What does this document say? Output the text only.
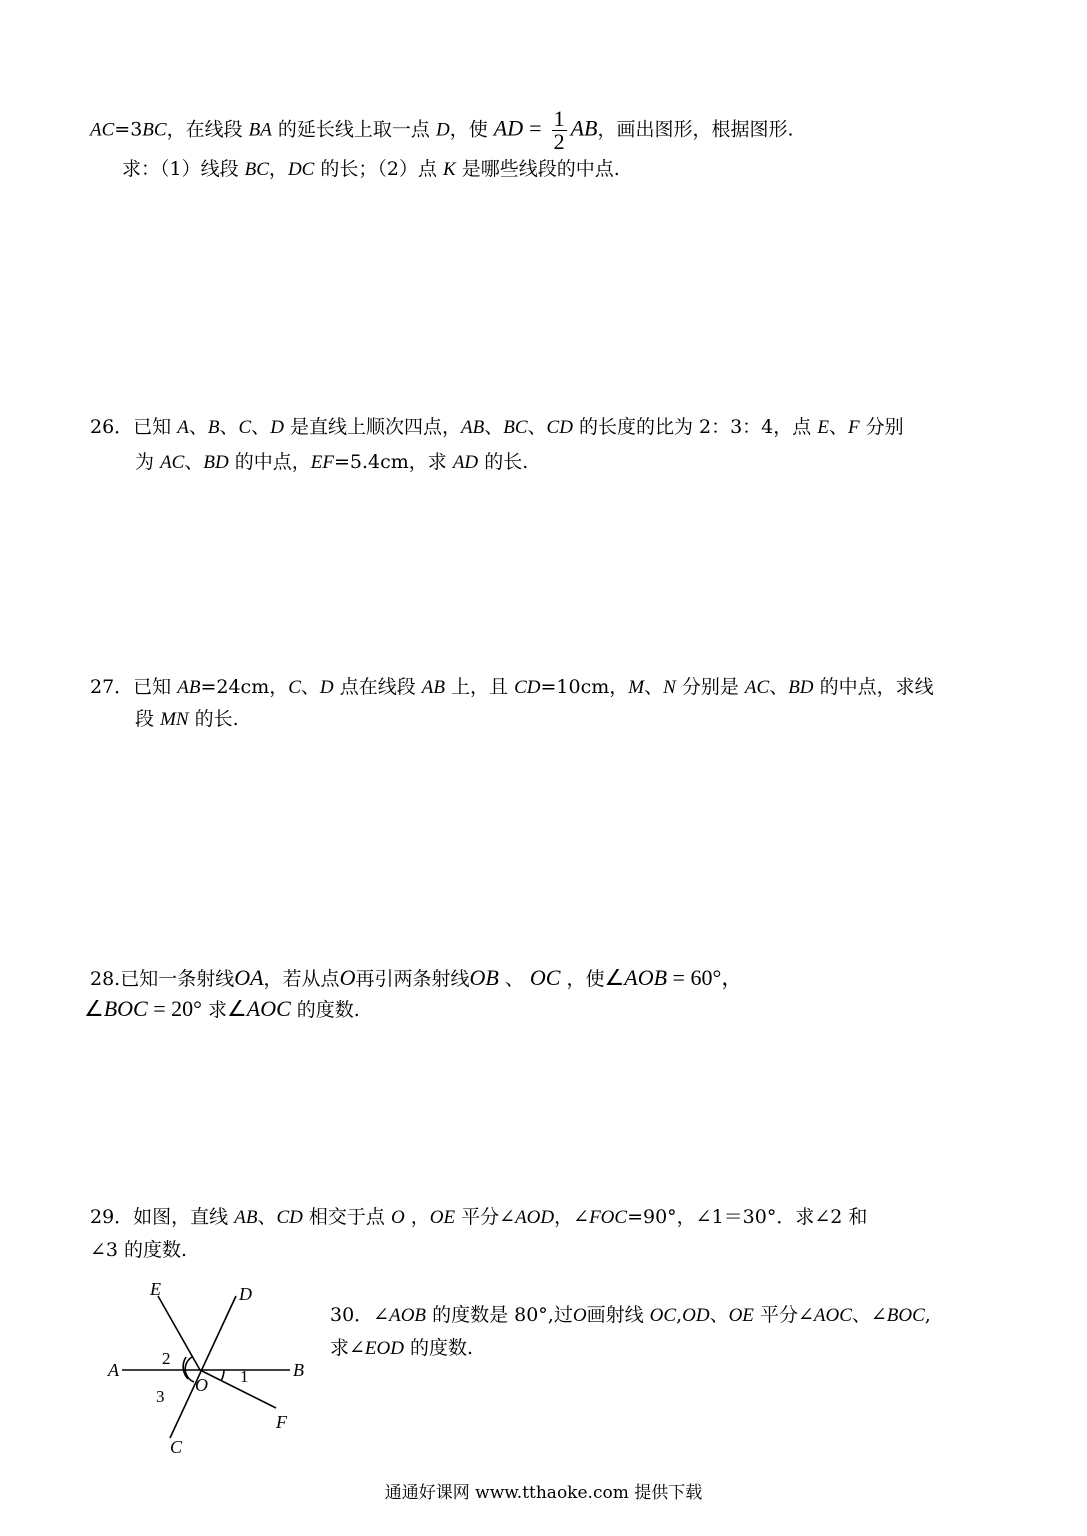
AC=3BC，在线段 BA 的延长线上取一点 D，使 AD = $\frac{1}{2}$ AB，画出图形，根据图形.
求：（1）线段 BC，DC 的长；（2）点 K 是哪些线段的中点.
26．已知 A、B、C、D 是直线上顺次四点，AB、BC、CD 的长度的比为 2：3：4，点 E、F 分别
为 AC、BD 的中点，EF=5.4cm，求 AD 的长.
27．已知 AB=24cm，C、D 点在线段 AB 上，且 CD=10cm，M、N 分别是 AC、BD 的中点，求线
段 MN 的长.
28.已知一条射线OA，若从点O再引两条射线OB 、 OC ，使∠AOB = 60°，
∠BOC = 20° 求∠AOC 的度数.
29．如图，直线 AB、CD 相交于点 O ，OE 平分∠AOD，∠FOC=90°，∠1＝30°．求∠2 和
∠3 的度数.
30．∠AOB 的度数是 80°,过O画射线 OC,OD、OE 平分∠AOC、∠BOC,
求∠EOD 的度数.
E	D
A	B
O
C
F
1
2
3
通通好课网 www.tthaoke.com 提供下载
